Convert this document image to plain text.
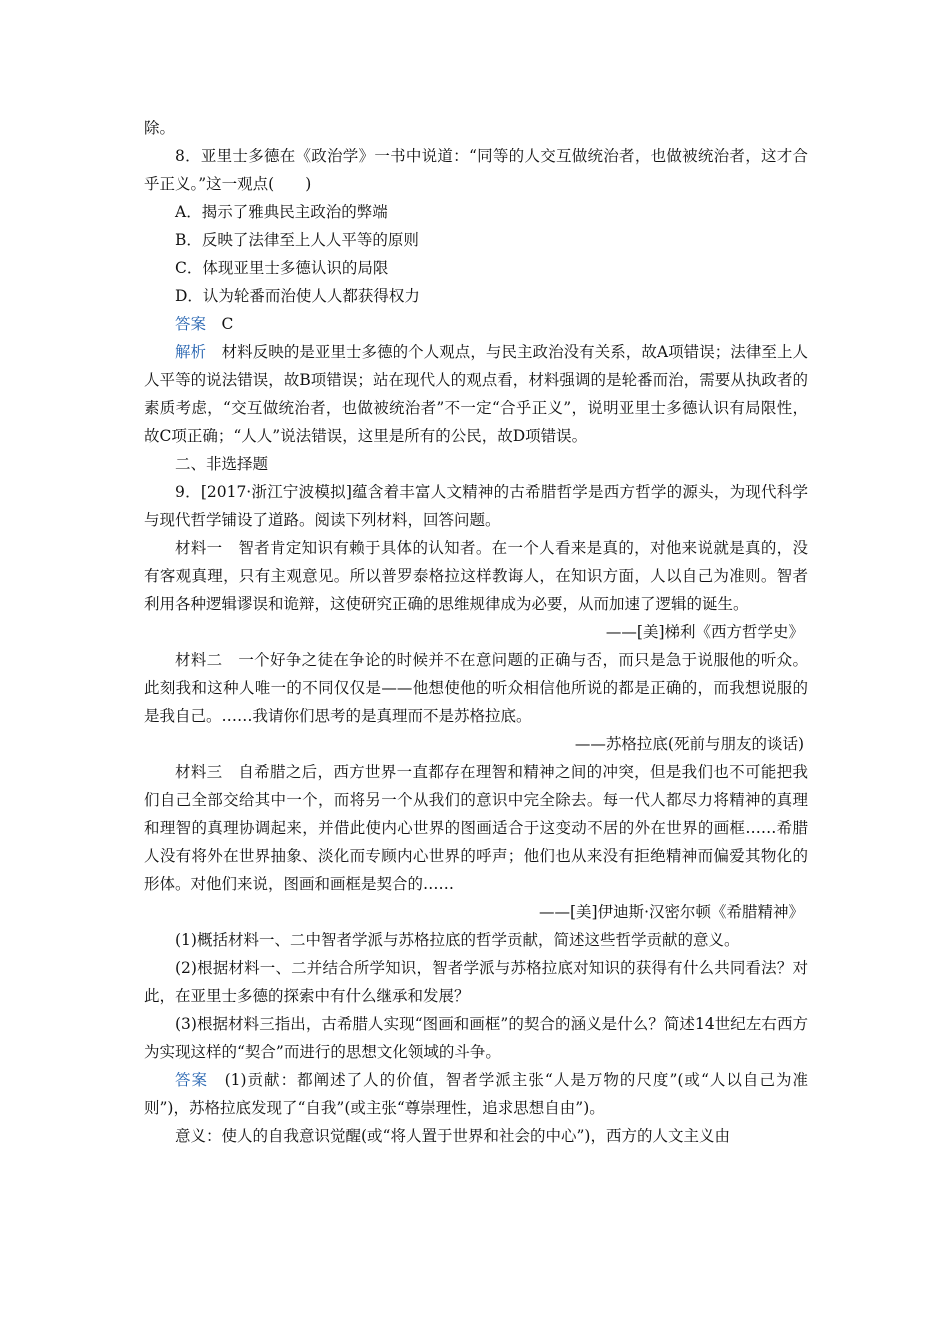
除。

8．亚里士多德在《政治学》一书中说道：“同等的人交互做统治者，也做被统治者，这才合乎正义。”这一观点(　　)

A．揭示了雅典民主政治的弊端

B．反映了法律至上人人平等的原则

C．体现亚里士多德认识的局限

D．认为轮番而治使人人都获得权力

答案　C

解析　材料反映的是亚里士多德的个人观点，与民主政治没有关系，故A项错误；法律至上人人平等的说法错误，故B项错误；站在现代人的观点看，材料强调的是轮番而治，需要从执政者的素质考虑，“交互做统治者，也做被统治者”不一定“合乎正义”，说明亚里士多德认识有局限性，故C项正确；“人人”说法错误，这里是所有的公民，故D项错误。

二、非选择题

9．[2017·浙江宁波模拟]蕴含着丰富人文精神的古希腊哲学是西方哲学的源头，为现代科学与现代哲学铺设了道路。阅读下列材料，回答问题。

材料一　智者肯定知识有赖于具体的认知者。在一个人看来是真的，对他来说就是真的，没有客观真理，只有主观意见。所以普罗泰格拉这样教诲人，在知识方面，人以自己为准则。智者利用各种逻辑谬误和诡辩，这使研究正确的思维规律成为必要，从而加速了逻辑的诞生。

——[美]梯利《西方哲学史》

材料二　一个好争之徒在争论的时候并不在意问题的正确与否，而只是急于说服他的听众。此刻我和这种人唯一的不同仅仅是——他想使他的听众相信他所说的都是正确的，而我想说服的是我自己。……我请你们思考的是真理而不是苏格拉底。

——苏格拉底(死前与朋友的谈话)

材料三　自希腊之后，西方世界一直都存在理智和精神之间的冲突，但是我们也不可能把我们自己全部交给其中一个，而将另一个从我们的意识中完全除去。每一代人都尽力将精神的真理和理智的真理协调起来，并借此使内心世界的图画适合于这变动不居的外在世界的画框……希腊人没有将外在世界抽象、淡化而专顾内心世界的呼声；他们也从来没有拒绝精神而偏爱其物化的形体。对他们来说，图画和画框是契合的……

——[美]伊迪斯·汉密尔顿《希腊精神》

(1)概括材料一、二中智者学派与苏格拉底的哲学贡献，简述这些哲学贡献的意义。

(2)根据材料一、二并结合所学知识，智者学派与苏格拉底对知识的获得有什么共同看法？对此，在亚里士多德的探索中有什么继承和发展？

(3)根据材料三指出，古希腊人实现“图画和画框”的契合的涵义是什么？简述14世纪左右西方为实现这样的“契合”而进行的思想文化领域的斗争。

答案　(1)贡献：都阐述了人的价值，智者学派主张“人是万物的尺度”(或“人以自己为准则”)，苏格拉底发现了“自我”(或主张“尊崇理性，追求思想自由”)。

意义：使人的自我意识觉醒(或“将人置于世界和社会的中心”)，西方的人文主义由
